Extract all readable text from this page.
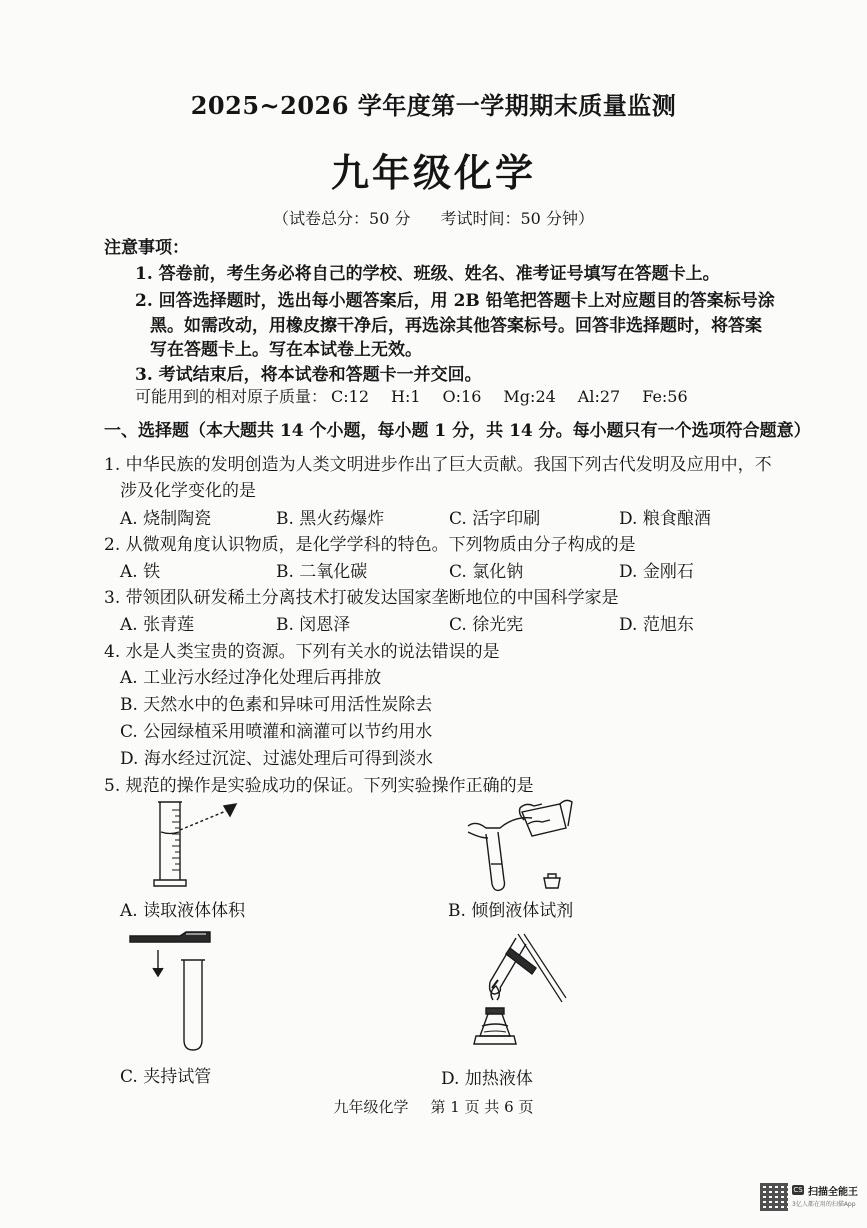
2025~2026 学年度第一学期期末质量监测
九年级化学
（试卷总分：50 分 考试时间：50 分钟）
注意事项：
1. 答卷前，考生务必将自己的学校、班级、姓名、准考证号填写在答题卡上。
2. 回答选择题时，选出每小题答案后，用 2B 铅笔把答题卡上对应题目的答案标号涂
黑。如需改动，用橡皮擦干净后，再选涂其他答案标号。回答非选择题时，将答案
写在答题卡上。写在本试卷上无效。
3. 考试结束后，将本试卷和答题卡一并交回。
可能用到的相对原子质量： C:12 H:1 O:16 Mg:24 Al:27 Fe:56
一、选择题（本大题共 14 个小题，每小题 1 分，共 14 分。每小题只有一个选项符合题意）
1. 中华民族的发明创造为人类文明进步作出了巨大贡献。我国下列古代发明及应用中，不
涉及化学变化的是
A. 烧制陶瓷	B. 黑火药爆炸	C. 活字印刷	D. 粮食酿酒
2. 从微观角度认识物质，是化学学科的特色。下列物质由分子构成的是
A. 铁	B. 二氧化碳	C. 氯化钠	D. 金刚石
3. 带领团队研发稀土分离技术打破发达国家垄断地位的中国科学家是
A. 张青莲	B. 闵恩泽	C. 徐光宪	D. 范旭东
4. 水是人类宝贵的资源。下列有关水的说法错误的是
A. 工业污水经过净化处理后再排放
B. 天然水中的色素和异味可用活性炭除去
C. 公园绿植采用喷灌和滴灌可以节约用水
D. 海水经过沉淀、过滤处理后可得到淡水
5. 规范的操作是实验成功的保证。下列实验操作正确的是
A. 读取液体体积	B. 倾倒液体试剂
C. 夹持试管	D. 加热液体
九年级化学 第 1 页 共 6 页
CS 扫描全能王
3亿人都在用的扫描App
